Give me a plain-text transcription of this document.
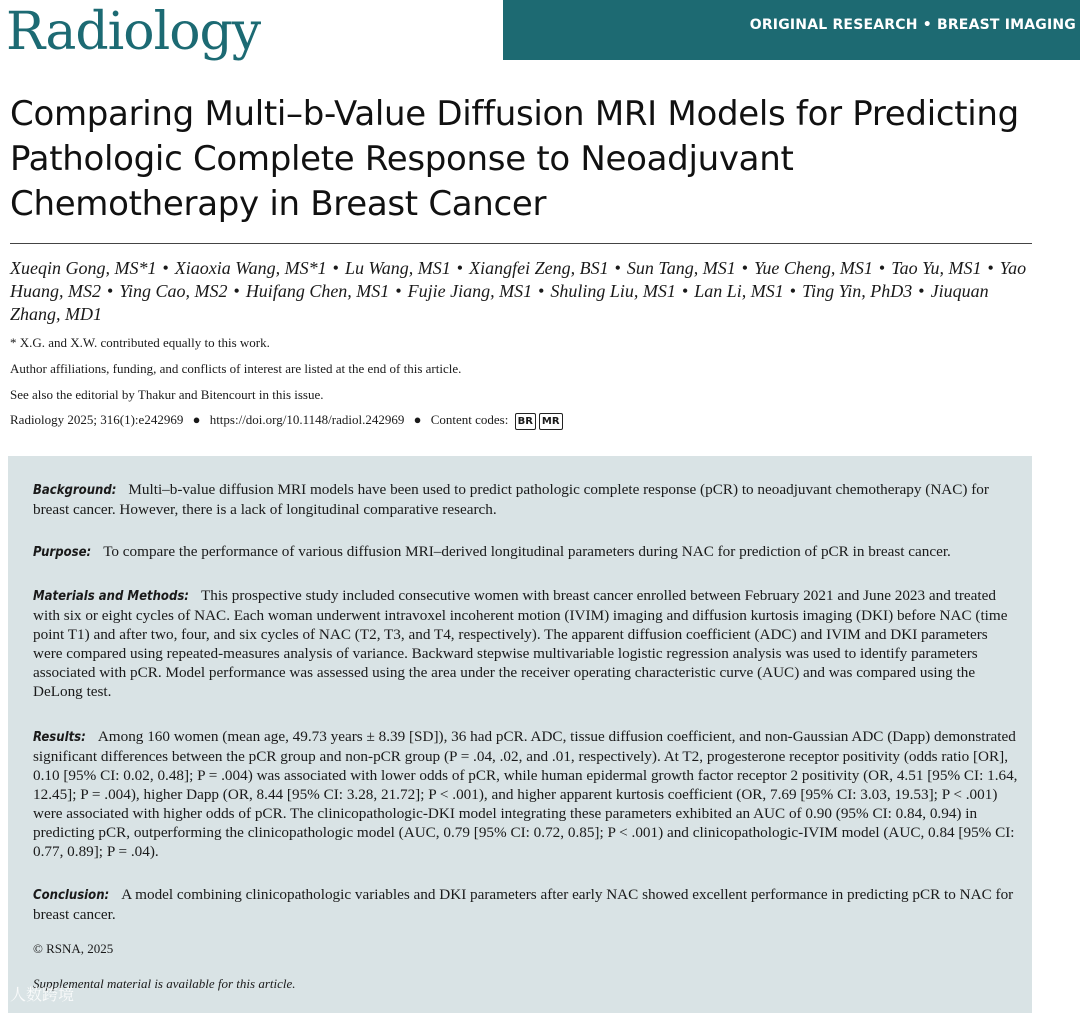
Radiology	ORIGINAL RESEARCH • BREAST IMAGING
Comparing Multi–b-Value Diffusion MRI Models for Predicting Pathologic Complete Response to Neoadjuvant Chemotherapy in Breast Cancer
Xueqin Gong, MS*1 • Xiaoxia Wang, MS*1 • Lu Wang, MS1 • Xiangfei Zeng, BS1 • Sun Tang, MS1 • Yue Cheng, MS1 • Tao Yu, MS1 • Yao Huang, MS2 • Ying Cao, MS2 • Huifang Chen, MS1 • Fujie Jiang, MS1 • Shuling Liu, MS1 • Lan Li, MS1 • Ting Yin, PhD3 • Jiuquan Zhang, MD1
* X.G. and X.W. contributed equally to this work.
Author affiliations, funding, and conflicts of interest are listed at the end of this article.
See also the editorial by Thakur and Bitencourt in this issue.
Radiology 2025; 316(1):e242969 ● https://doi.org/10.1148/radiol.242969 ● Content codes: BR MR

Background: Multi–b-value diffusion MRI models have been used to predict pathologic complete response (pCR) to neoadjuvant chemotherapy (NAC) for breast cancer. However, there is a lack of longitudinal comparative research.

Purpose: To compare the performance of various diffusion MRI–derived longitudinal parameters during NAC for prediction of pCR in breast cancer.

Materials and Methods: This prospective study included consecutive women with breast cancer enrolled between February 2021 and June 2023 and treated with six or eight cycles of NAC. Each woman underwent intravoxel incoherent motion (IVIM) imaging and diffusion kurtosis imaging (DKI) before NAC (time point T1) and after two, four, and six cycles of NAC (T2, T3, and T4, respectively). The apparent diffusion coefficient (ADC) and IVIM and DKI parameters were compared using repeated-measures analysis of variance. Backward stepwise multivariable logistic regression analysis was used to identify parameters associated with pCR. Model performance was assessed using the area under the receiver operating characteristic curve (AUC) and was compared using the DeLong test.

Results: Among 160 women (mean age, 49.73 years ± 8.39 [SD]), 36 had pCR. ADC, tissue diffusion coefficient, and non-Gaussian ADC (Dapp) demonstrated significant differences between the pCR group and non-pCR group (P = .04, .02, and .01, respectively). At T2, progesterone receptor positivity (odds ratio [OR], 0.10 [95% CI: 0.02, 0.48]; P = .004) was associated with lower odds of pCR, while human epidermal growth factor receptor 2 positivity (OR, 4.51 [95% CI: 1.64, 12.45]; P = .004), higher Dapp (OR, 8.44 [95% CI: 3.28, 21.72]; P < .001), and higher apparent kurtosis coefficient (OR, 7.69 [95% CI: 3.03, 19.53]; P < .001) were associated with higher odds of pCR. The clinicopathologic-DKI model integrating these parameters exhibited an AUC of 0.90 (95% CI: 0.84, 0.94) in predicting pCR, outperforming the clinicopathologic model (AUC, 0.79 [95% CI: 0.72, 0.85]; P < .001) and clinicopathologic-IVIM model (AUC, 0.84 [95% CI: 0.77, 0.89]; P = .04).

Conclusion: A model combining clinicopathologic variables and DKI parameters after early NAC showed excellent performance in predicting pCR to NAC for breast cancer.

© RSNA, 2025
Supplemental material is available for this article.
人数跨境
